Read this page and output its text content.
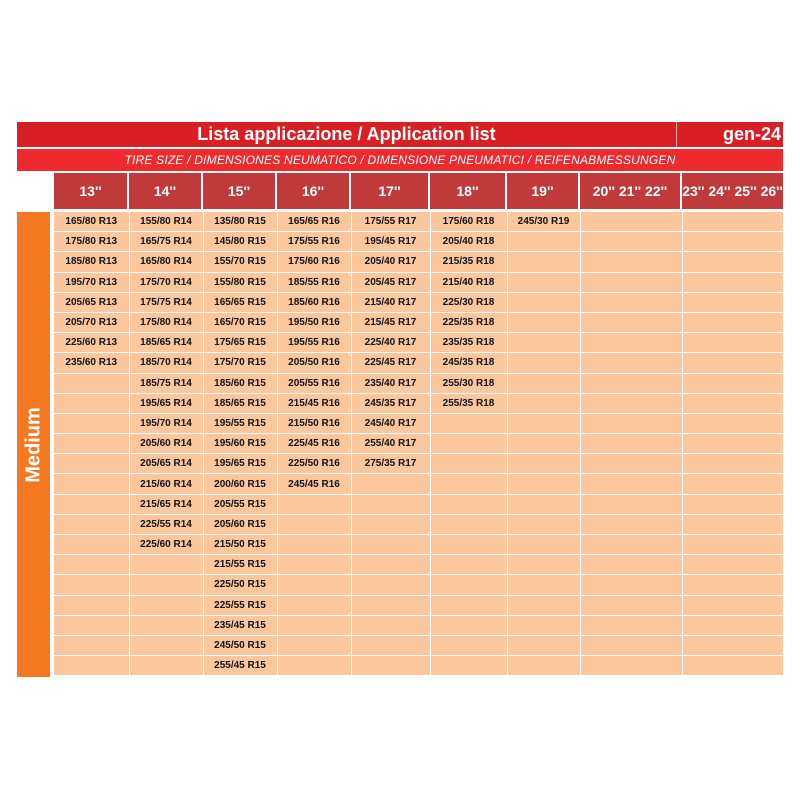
Lista applicazione / Application list	gen-24
TIRE SIZE / DIMENSIONES NEUMATICO / DIMENSIONE PNEUMATICI / REIFENABMESSUNGEN
13''	14''	15''	16''	17''	18''	19''	20'' 21'' 22''	23'' 24'' 25'' 26''
Medium
165/80 R13	155/80 R14	135/80 R15	165/65 R16	175/55 R17	175/60 R18	245/30 R19		
175/80 R13	165/75 R14	145/80 R15	175/55 R16	195/45 R17	205/40 R18			
185/80 R13	165/80 R14	155/70 R15	175/60 R16	205/40 R17	215/35 R18			
195/70 R13	175/70 R14	155/80 R15	185/55 R16	205/45 R17	215/40 R18			
205/65 R13	175/75 R14	165/65 R15	185/60 R16	215/40 R17	225/30 R18			
205/70 R13	175/80 R14	165/70 R15	195/50 R16	215/45 R17	225/35 R18			
225/60 R13	185/65 R14	175/65 R15	195/55 R16	225/40 R17	235/35 R18			
235/60 R13	185/70 R14	175/70 R15	205/50 R16	225/45 R17	245/35 R18			
	185/75 R14	185/60 R15	205/55 R16	235/40 R17	255/30 R18			
	195/65 R14	185/65 R15	215/45 R16	245/35 R17	255/35 R18			
	195/70 R14	195/55 R15	215/50 R16	245/40 R17				
	205/60 R14	195/60 R15	225/45 R16	255/40 R17				
	205/65 R14	195/65 R15	225/50 R16	275/35 R17				
	215/60 R14	200/60 R15	245/45 R16					
	215/65 R14	205/55 R15						
	225/55 R14	205/60 R15						
	225/60 R14	215/50 R15						
		215/55 R15						
		225/50 R15						
		225/55 R15						
		235/45 R15						
		245/50 R15						
		255/45 R15						
